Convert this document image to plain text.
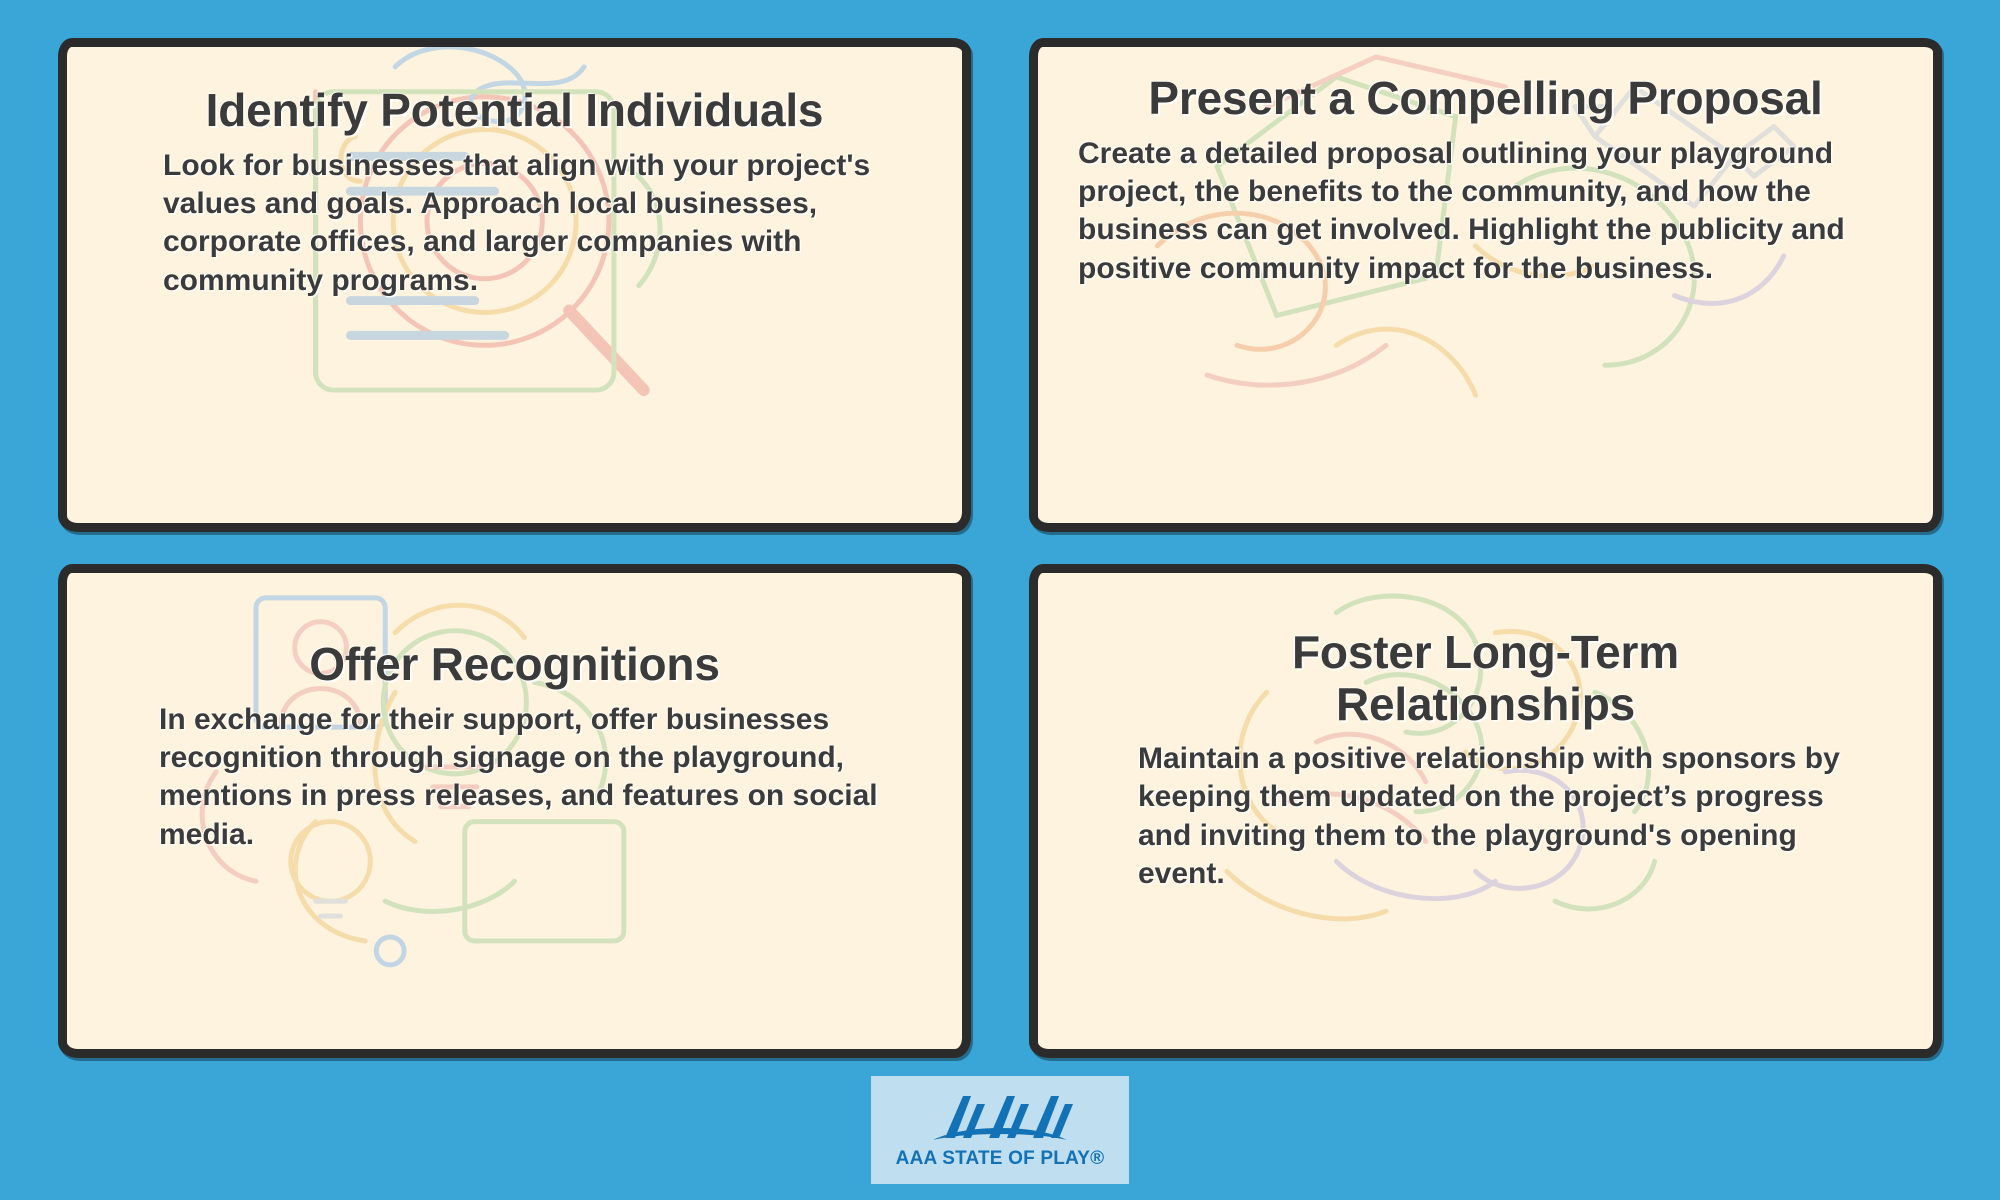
Identify Potential Individuals
Look for businesses that align with your project's values and goals. Approach local businesses, corporate offices, and larger companies with community programs.
Present a Compelling Proposal
Create a detailed proposal outlining your playground project, the benefits to the community, and how the business can get involved. Highlight the publicity and positive community impact for the business.
Offer Recognitions
In exchange for their support, offer businesses recognition through signage on the playground, mentions in press releases, and features on social media.
Foster Long-Term Relationships
Maintain a positive relationship with sponsors by keeping them updated on the project’s progress and inviting them to the playground's opening event.
AAA STATE OF PLAY®
